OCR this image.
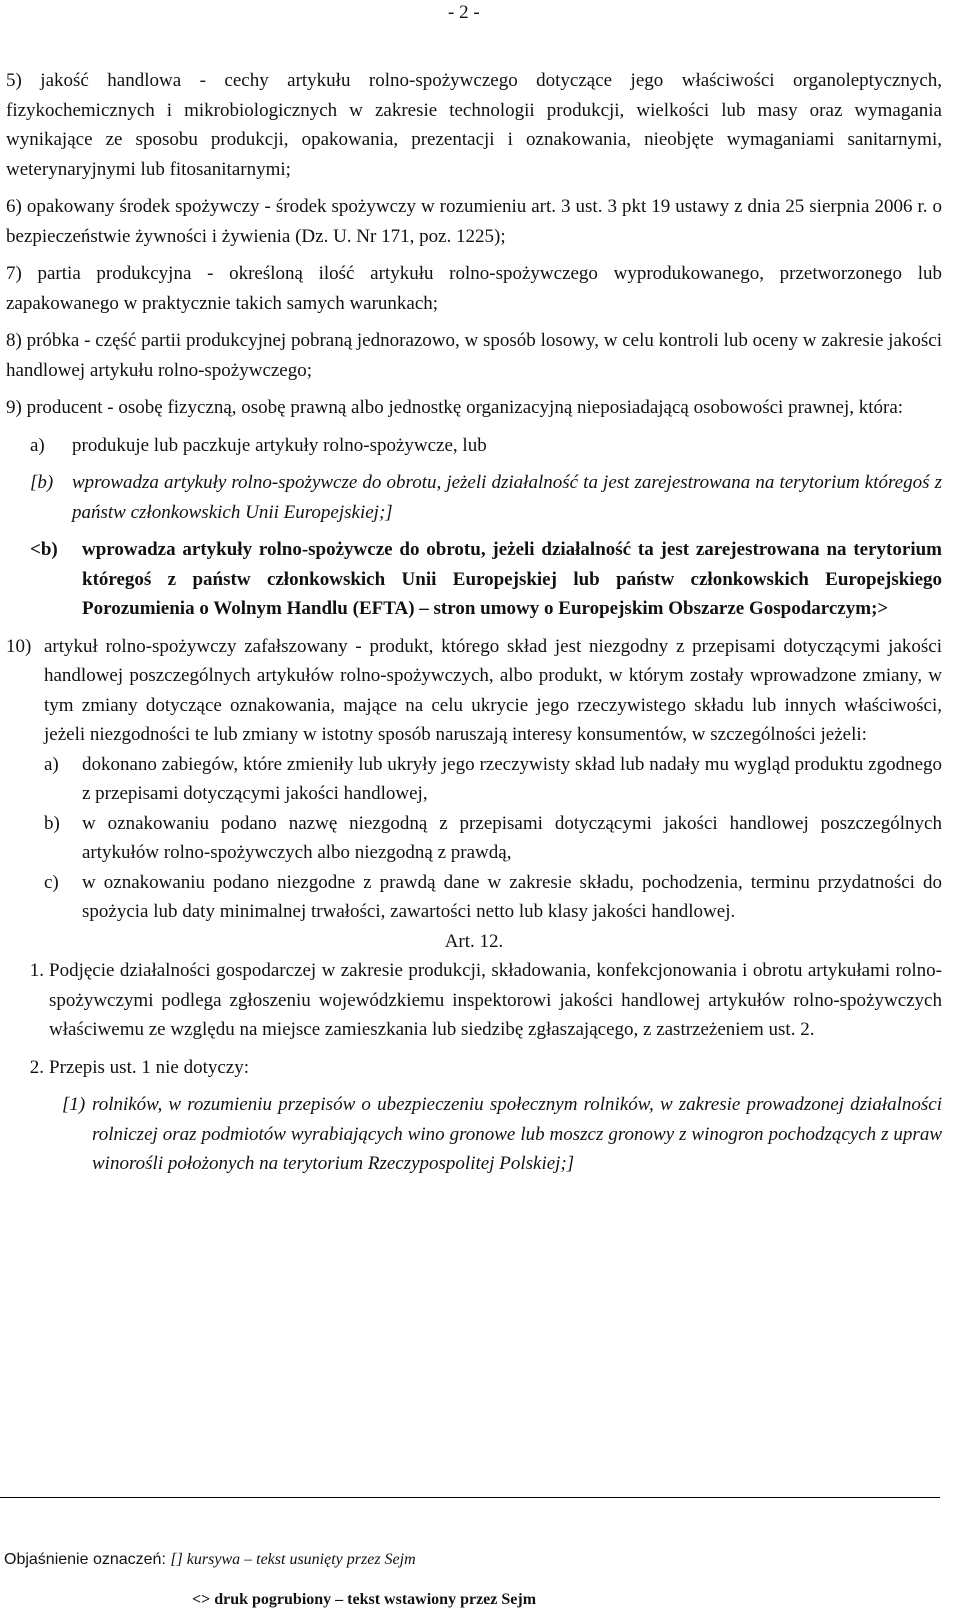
- 2 -

5) jakość handlowa - cechy artykułu rolno-spożywczego dotyczące jego właściwości organoleptycznych, fizykochemicznych i mikrobiologicznych w zakresie technologii produkcji, wielkości lub masy oraz wymagania wynikające ze sposobu produkcji, opakowania, prezentacji i oznakowania, nieobjęte wymaganiami sanitarnymi, weterynaryjnymi lub fitosanitarnymi;

6) opakowany środek spożywczy - środek spożywczy w rozumieniu art. 3 ust. 3 pkt 19 ustawy z dnia 25 sierpnia 2006 r. o bezpieczeństwie żywności i żywienia (Dz. U. Nr 171, poz. 1225);

7) partia produkcyjna - określoną ilość artykułu rolno-spożywczego wyprodukowanego, przetworzonego lub zapakowanego w praktycznie takich samych warunkach;

8) próbka - część partii produkcyjnej pobraną jednorazowo, w sposób losowy, w celu kontroli lub oceny w zakresie jakości handlowej artykułu rolno-spożywczego;

9) producent - osobę fizyczną, osobę prawną albo jednostkę organizacyjną nieposiadającą osobowości prawnej, która:

a)	produkuje lub paczkuje artykuły rolno-spożywcze, lub
[b) wprowadza artykuły rolno-spożywcze do obrotu, jeżeli działalność ta jest zarejestrowana na terytorium któregoś z państw członkowskich Unii Europejskiej;]
<b)	wprowadza artykuły rolno-spożywcze do obrotu, jeżeli działalność ta jest zarejestrowana na terytorium któregoś z państw członkowskich Unii Europejskiej lub państw członkowskich Europejskiego Porozumienia o Wolnym Handlu (EFTA) – stron umowy o Europejskim Obszarze Gospodarczym;>
10) artykuł rolno-spożywczy zafałszowany - produkt, którego skład jest niezgodny z przepisami dotyczącymi jakości handlowej poszczególnych artykułów rolno-spożywczych, albo produkt, w którym zostały wprowadzone zmiany, w tym zmiany dotyczące oznakowania, mające na celu ukrycie jego rzeczywistego składu lub innych właściwości, jeżeli niezgodności te lub zmiany w istotny sposób naruszają interesy konsumentów, w szczególności jeżeli:
a)	dokonano zabiegów, które zmieniły lub ukryły jego rzeczywisty skład lub nadały mu wygląd produktu zgodnego z przepisami dotyczącymi jakości handlowej,
b)	w oznakowaniu podano nazwę niezgodną z przepisami dotyczącymi jakości handlowej poszczególnych artykułów rolno-spożywczych albo niezgodną z prawdą,
c)	w oznakowaniu podano niezgodne z prawdą dane w zakresie składu, pochodzenia, terminu przydatności do spożycia lub daty minimalnej trwałości, zawartości netto lub klasy jakości handlowej.

Art. 12.

1. Podjęcie działalności gospodarczej w zakresie produkcji, składowania, konfekcjonowania i obrotu artykułami rolno-spożywczymi podlega zgłoszeniu wojewódzkiemu inspektorowi jakości handlowej artykułów rolno-spożywczych właściwemu ze względu na miejsce zamieszkania lub siedzibę zgłaszającego, z zastrzeżeniem ust. 2.
2. Przepis ust. 1 nie dotyczy:
[1) rolników, w rozumieniu przepisów o ubezpieczeniu społecznym rolników, w zakresie prowadzonej działalności rolniczej oraz podmiotów wyrabiających wino gronowe lub moszcz gronowy z winogron pochodzących z upraw winorośli położonych na terytorium Rzeczypospolitej Polskiej;]
Objaśnienie oznaczeń: [] kursywa – tekst usunięty przez Sejm
<> druk pogrubiony – tekst wstawiony przez Sejm
